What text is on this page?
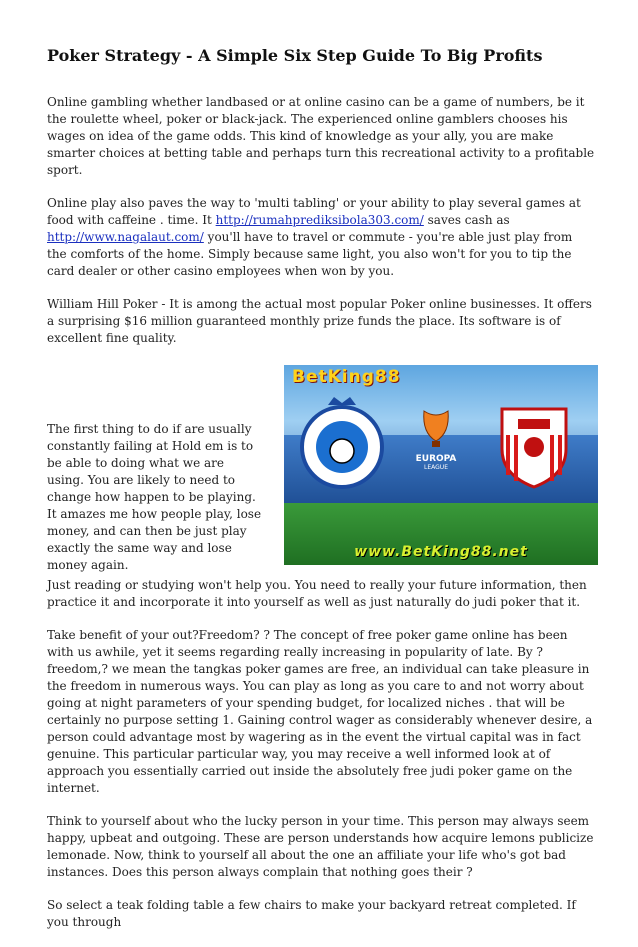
Poker Strategy - A Simple Six Step Guide To Big Profits

Online gambling whether landbased or at online casino can be a game of numbers, be it the roulette wheel, poker or black-jack. The experienced online gamblers chooses his wages on idea of the game odds. This kind of knowledge as your ally, you are make smarter choices at betting table and perhaps turn this recreational activity to a profitable sport.

Online play also paves the way to 'multi tabling' or your ability to play several games at food with caffeine . time. It http://rumahprediksibola303.com/ saves cash as http://www.nagalaut.com/ you'll have to travel or commute - you're able just play from the comforts of the home. Simply because same light, you also won't for you to tip the card dealer or other casino employees when won by you.

William Hill Poker - It is among the actual most popular Poker online businesses. It offers a surprising $16 million guaranteed monthly prize funds the place. Its software is of excellent fine quality.

BetKing88
EUROPA
LEAGUE
www.BetKing88.net

The first thing to do if are usually constantly failing at Hold em is to be able to doing what we are using. You are likely to need to change how happen to be playing. It amazes me how people play, lose money, and can then be just play exactly the same way and lose money again.

Just reading or studying won't help you. You need to really your future information, then practice it and incorporate it into yourself as well as just naturally do judi poker that it.

Take benefit of your out?Freedom? ? The concept of free poker game online has been with us awhile, yet it seems regarding really increasing in popularity of late. By ?freedom,? we mean the tangkas poker games are free, an individual can take pleasure in the freedom in numerous ways. You can play as long as you care to and not worry about going at night parameters of your spending budget, for localized niches . that will be certainly no purpose setting 1. Gaining control wager as considerably whenever desire, a person could advantage most by wagering as in the event the virtual capital was in fact genuine. This particular particular way, you may receive a well informed look at of approach you essentially carried out inside the absolutely free judi poker game on the internet.

Think to yourself about who the lucky person in your time. This person may always seem happy, upbeat and outgoing. These are person understands how acquire lemons publicize lemonade. Now, think to yourself all about the one an affiliate your life who's got bad instances. Does this person always complain that nothing goes their ?

So select a teak folding table a few chairs to make your backyard retreat completed. If you through
